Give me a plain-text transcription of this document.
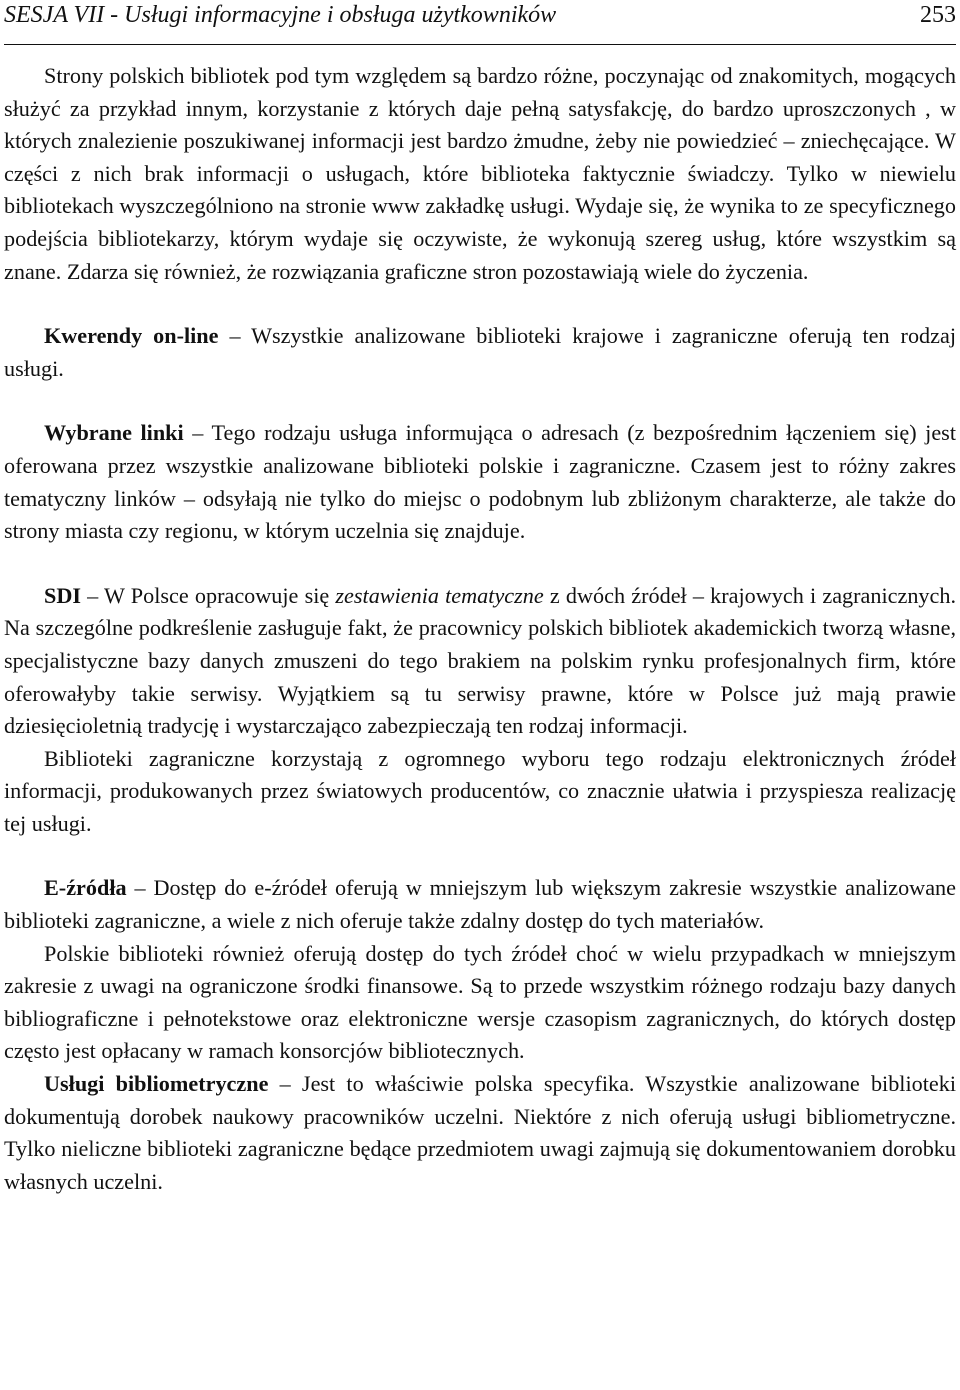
SESJA VII - Usługi informacyjne i obsługa użytkowników	253

Strony polskich bibliotek pod tym względem są bardzo różne, poczynając od znakomitych, mogących służyć za przykład innym, korzystanie z których daje pełną satysfakcję, do bardzo uproszczonych , w których znalezienie poszukiwanej informacji jest bardzo żmudne, żeby nie powiedzieć – zniechęcające. W części z nich brak informacji o usługach, które biblioteka faktycznie świadczy. Tylko w niewielu bibliotekach wyszczególniono na stronie www zakładkę usługi. Wydaje się, że wynika to ze specyficznego podejścia bibliotekarzy, którym wydaje się oczywiste, że wykonują szereg usług, które wszystkim są znane. Zdarza się również, że rozwiązania graficzne stron pozostawiają wiele do życzenia.

Kwerendy on-line – Wszystkie analizowane biblioteki krajowe i zagraniczne oferują ten rodzaj usługi.

Wybrane linki – Tego rodzaju usługa informująca o adresach (z bezpośrednim łączeniem się) jest oferowana przez wszystkie analizowane biblioteki polskie i zagraniczne. Czasem jest to różny zakres tematyczny linków – odsyłają nie tylko do miejsc o podobnym lub zbliżonym charakterze, ale także do strony miasta czy regionu, w którym uczelnia się znajduje.

SDI – W Polsce opracowuje się zestawienia tematyczne z dwóch źródeł – krajowych i zagranicznych. Na szczególne podkreślenie zasługuje fakt, że pracownicy polskich bibliotek akademickich tworzą własne, specjalistyczne bazy danych zmuszeni do tego brakiem na polskim rynku profesjonalnych firm, które oferowałyby takie serwisy. Wyjątkiem są tu serwisy prawne, które w Polsce już mają prawie dziesięcioletnią tradycję i wystarczająco zabezpieczają ten rodzaj informacji.

Biblioteki zagraniczne korzystają z ogromnego wyboru tego rodzaju elektronicznych źródeł informacji, produkowanych przez światowych producentów, co znacznie ułatwia i przyspiesza realizację tej usługi.

E-źródła – Dostęp do e-źródeł oferują w mniejszym lub większym zakresie wszystkie analizowane biblioteki zagraniczne, a wiele z nich oferuje także zdalny dostęp do tych materiałów.

Polskie biblioteki również oferują dostęp do tych źródeł choć w wielu przypadkach w mniejszym zakresie z uwagi na ograniczone środki finansowe. Są to przede wszystkim różnego rodzaju bazy danych bibliograficzne i pełnotekstowe oraz elektroniczne wersje czasopism zagranicznych, do których dostęp często jest opłacany w ramach konsorcjów bibliotecznych.

Usługi bibliometryczne – Jest to właściwie polska specyfika. Wszystkie analizowane biblioteki dokumentują dorobek naukowy pracowników uczelni. Niektóre z nich oferują usługi bibliometryczne. Tylko nieliczne biblioteki zagraniczne będące przedmiotem uwagi zajmują się dokumentowaniem dorobku własnych uczelni.
